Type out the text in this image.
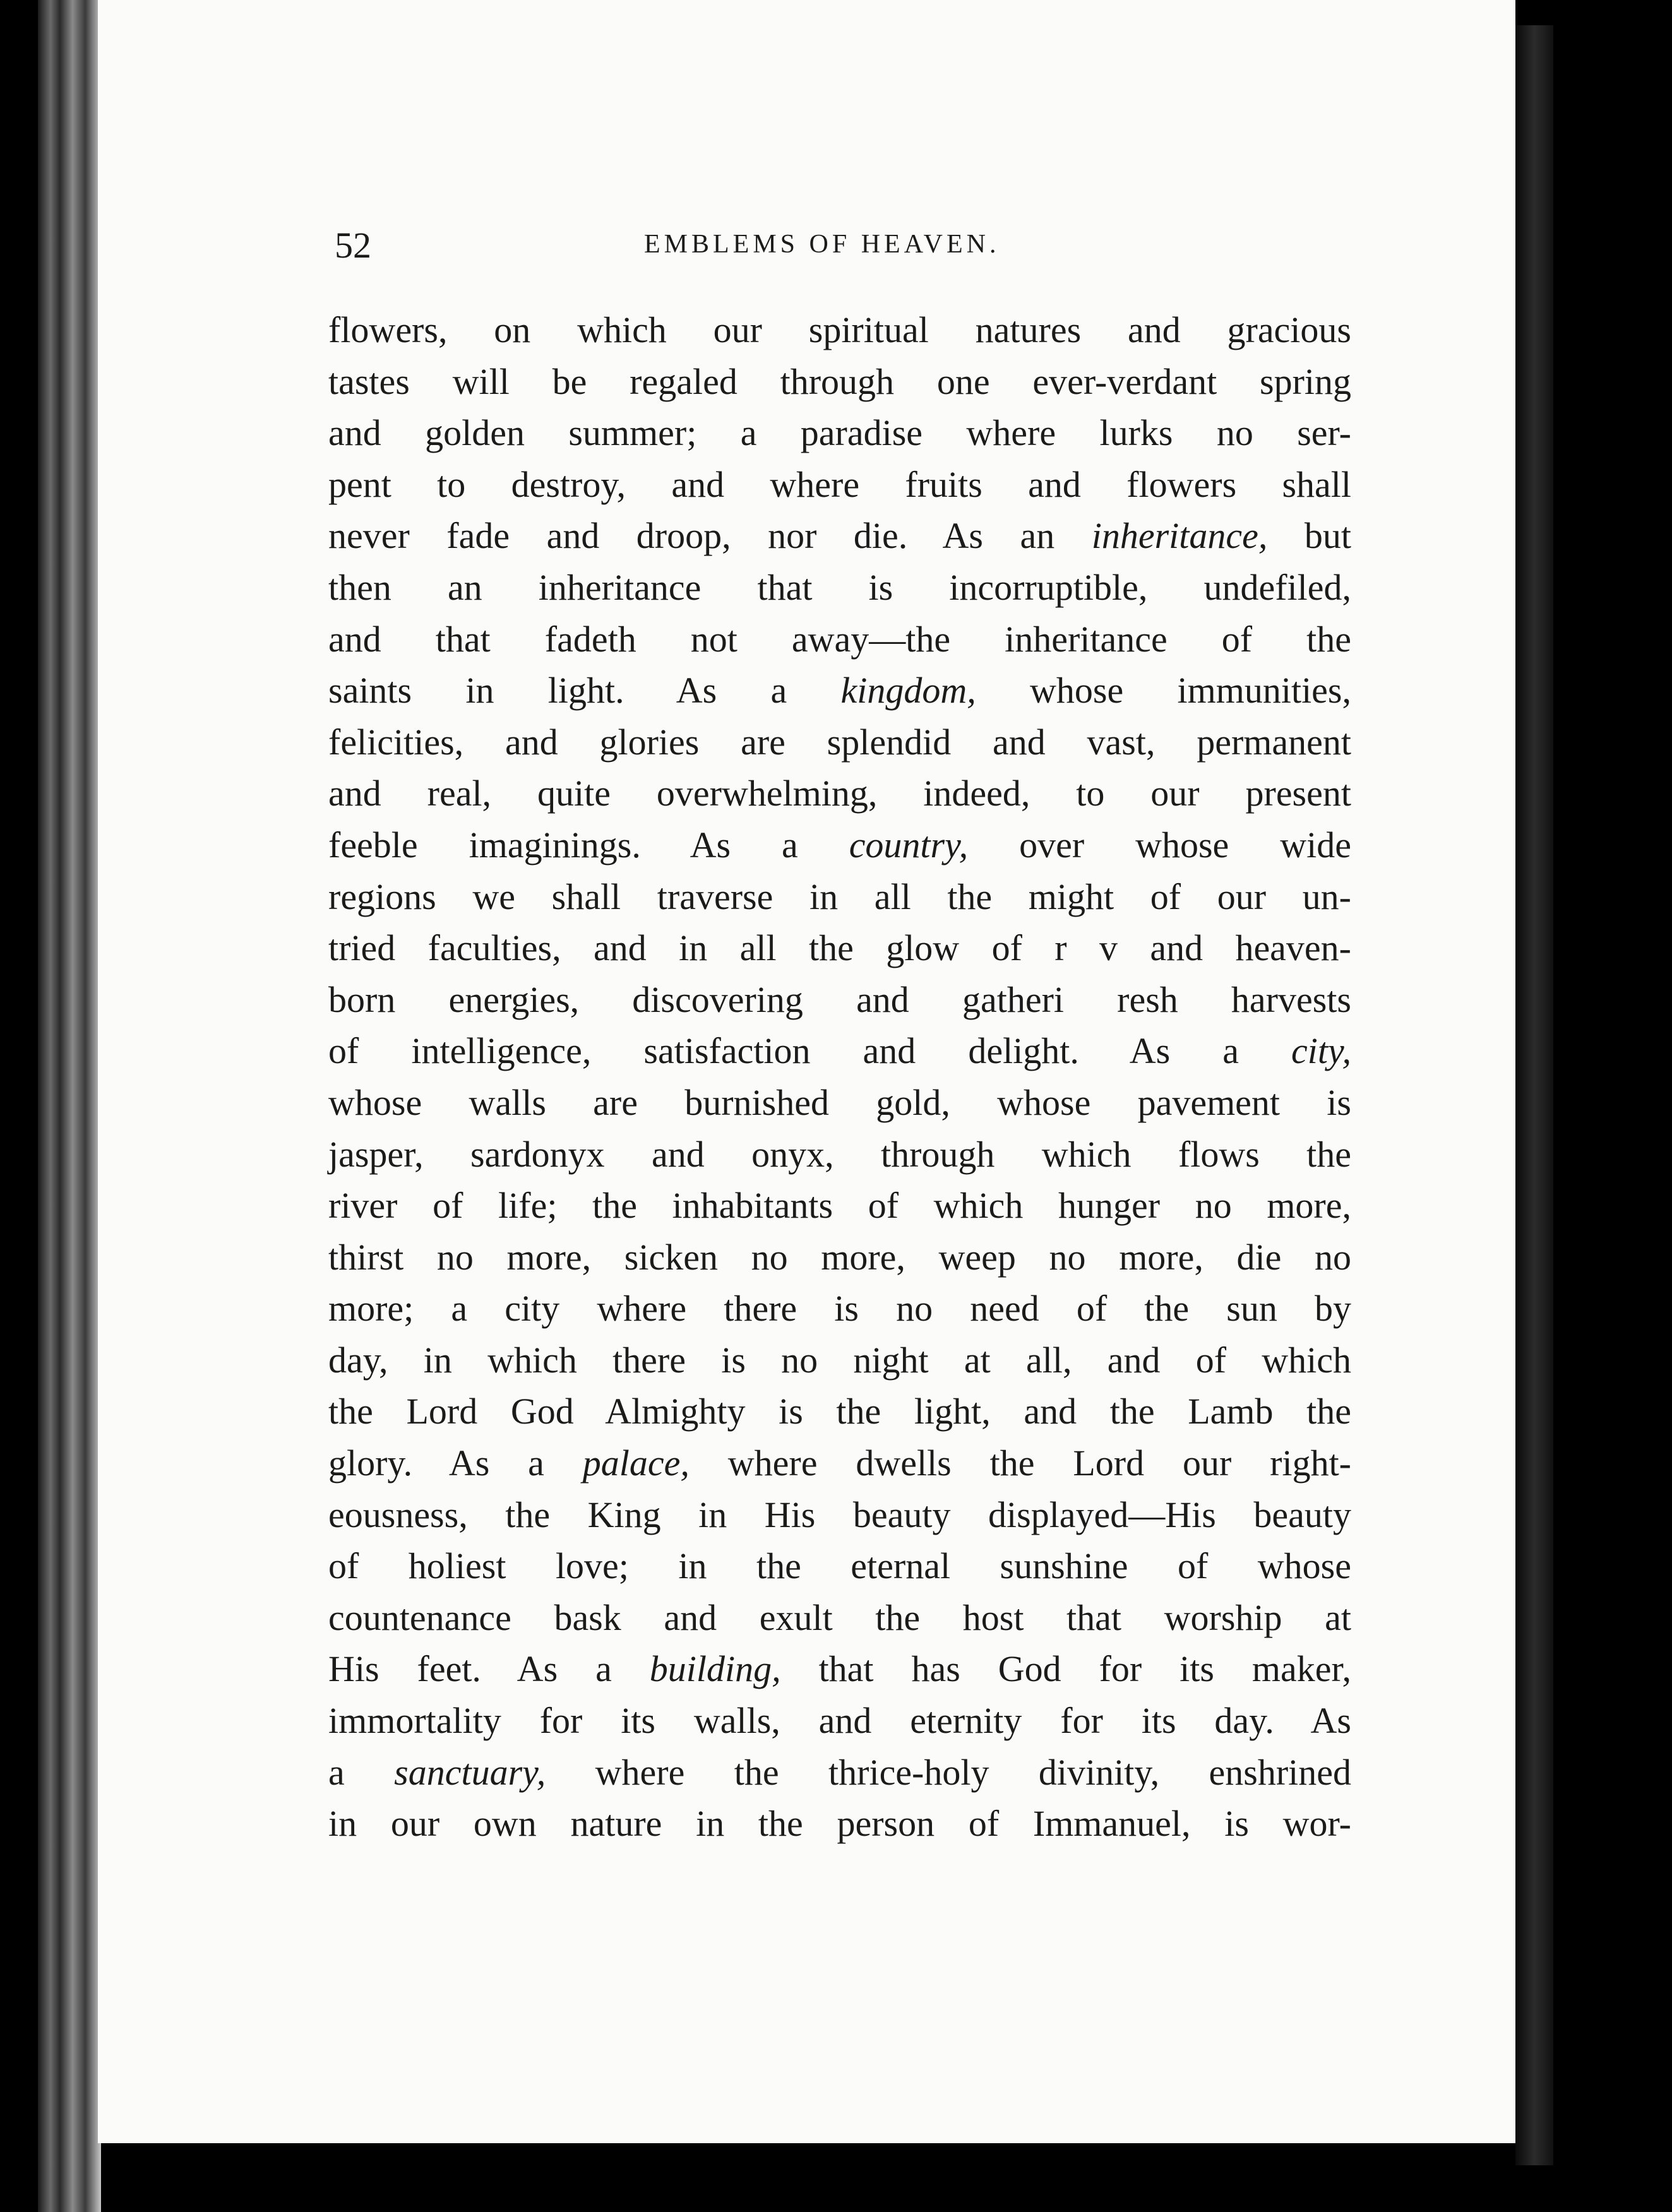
52	EMBLEMS OF HEAVEN.
flowers, on which our spiritual natures and gracious
tastes will be regaled through one ever-verdant spring
and golden summer; a paradise where lurks no ser-
pent to destroy, and where fruits and flowers shall
never fade and droop, nor die. As an inheritance, but
then an inheritance that is incorruptible, undefiled,
and that fadeth not away—the inheritance of the
saints in light. As a kingdom, whose immunities,
felicities, and glories are splendid and vast, permanent
and real, quite overwhelming, indeed, to our present
feeble imaginings. As a country, over whose wide
regions we shall traverse in all the might of our un-
tried faculties, and in all the glow of r v and heaven-
born energies, discovering and gatheri resh harvests
of intelligence, satisfaction and delight. As a city,
whose walls are burnished gold, whose pavement is
jasper, sardonyx and onyx, through which flows the
river of life; the inhabitants of which hunger no more,
thirst no more, sicken no more, weep no more, die no
more; a city where there is no need of the sun by
day, in which there is no night at all, and of which
the Lord God Almighty is the light, and the Lamb the
glory. As a palace, where dwells the Lord our right-
eousness, the King in His beauty displayed—His beauty
of holiest love; in the eternal sunshine of whose
countenance bask and exult the host that worship at
His feet. As a building, that has God for its maker,
immortality for its walls, and eternity for its day. As
a sanctuary, where the thrice-holy divinity, enshrined
in our own nature in the person of Immanuel, is wor-
